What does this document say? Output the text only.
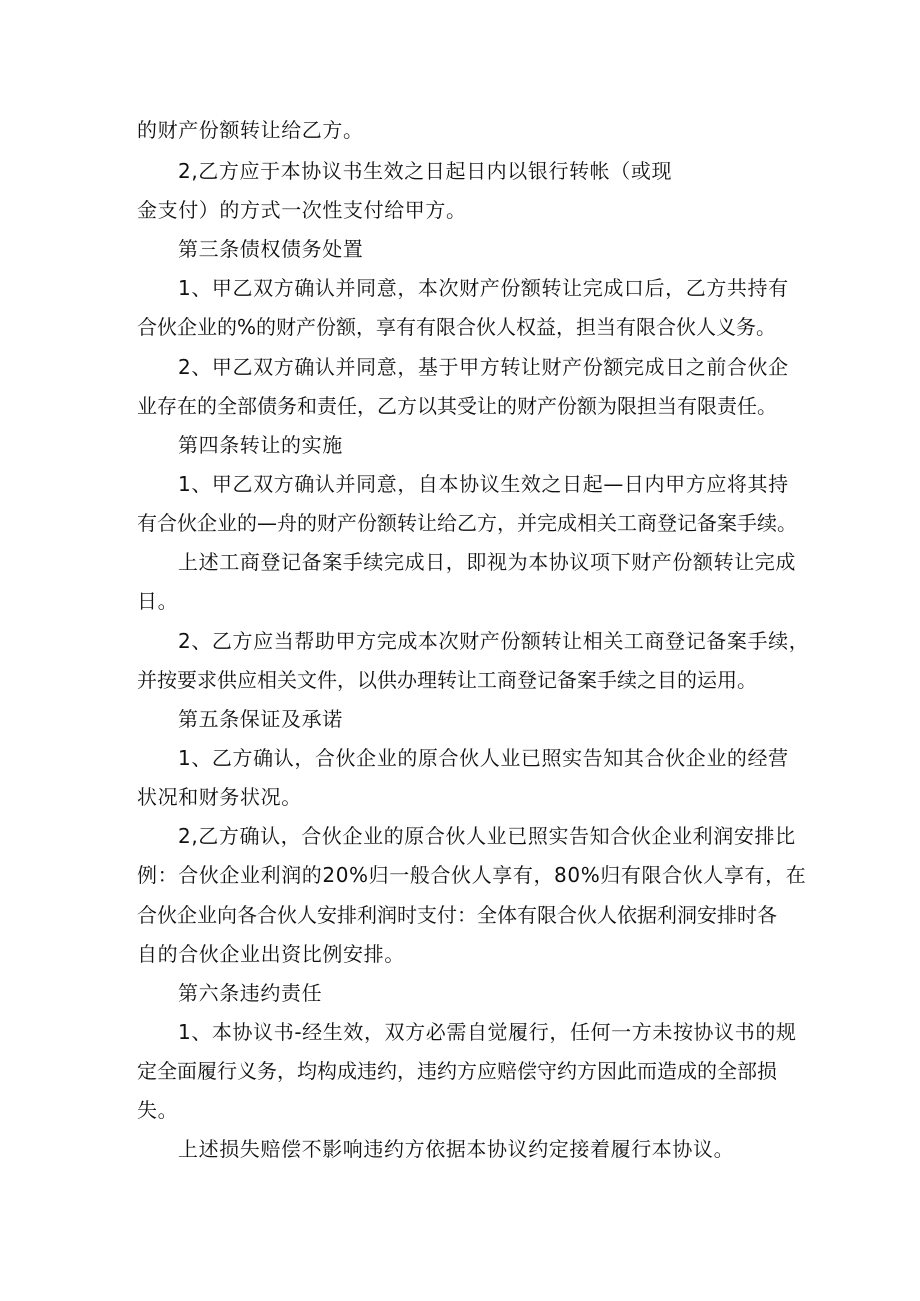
的财产份额转让给乙方。
2,乙方应于本协议书生效之日起日内以银行转帐（或现
金支付）的方式一次性支付给甲方。
第三条债权债务处置
1、甲乙双方确认并同意，本次财产份额转让完成口后，乙方共持有
合伙企业的%的财产份额，享有有限合伙人权益，担当有限合伙人义务。
2、甲乙双方确认并同意，基于甲方转让财产份额完成日之前合伙企
业存在的全部债务和责任，乙方以其受让的财产份额为限担当有限责任。
第四条转让的实施
1、甲乙双方确认并同意，自本协议生效之日起—日内甲方应将其持
有合伙企业的—舟的财产份额转让给乙方，并完成相关工商登记备案手续。
上述工商登记备案手续完成日，即视为本协议项下财产份额转让完成
日。
2、乙方应当帮助甲方完成本次财产份额转让相关工商登记备案手续，
并按要求供应相关文件，以供办理转让工商登记备案手续之目的运用。
第五条保证及承诺
1、乙方确认，合伙企业的原合伙人业已照实告知其合伙企业的经营
状况和财务状况。
2,乙方确认，合伙企业的原合伙人业已照实告知合伙企业利润安排比
例：合伙企业利润的20%归一般合伙人享有，80%归有限合伙人享有，在
合伙企业向各合伙人安排利润时支付：全体有限合伙人依据利洞安排时各
自的合伙企业出资比例安排。
第六条违约责任
1、本协议书-经生效，双方必需自觉履行，任何一方未按协议书的规
定全面履行义务，均构成违约，违约方应赔偿守约方因此而造成的全部损
失。
上述损失赔偿不影响违约方依据本协议约定接着履行本协议。
